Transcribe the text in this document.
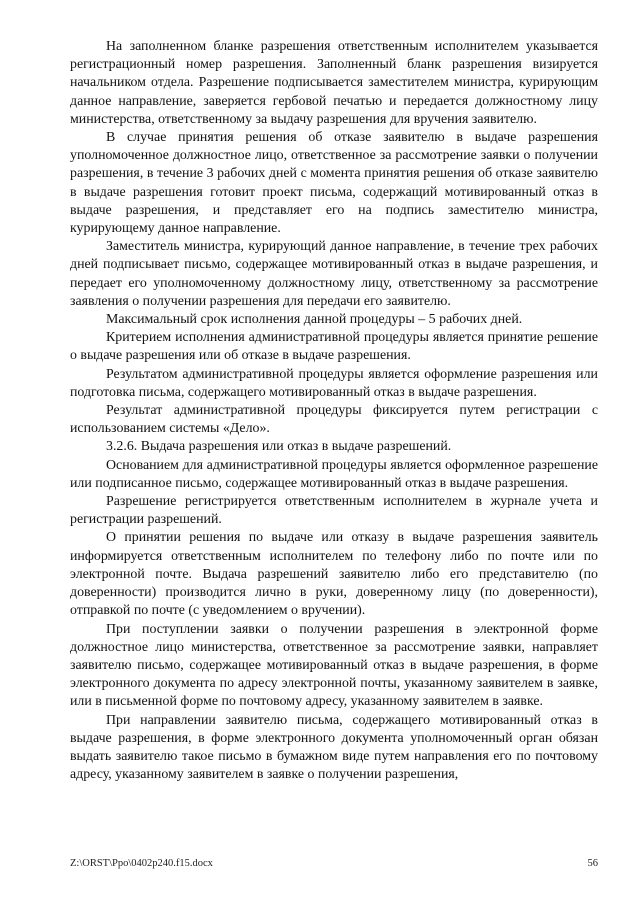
На заполненном бланке разрешения ответственным исполнителем указывается регистрационный номер разрешения. Заполненный бланк разрешения визируется начальником отдела. Разрешение подписывается заместителем министра, курирующим данное направление, заверяется гербовой печатью и передается должностному лицу министерства, ответственному за выдачу разрешения для вручения заявителю.

В случае принятия решения об отказе заявителю в выдаче разрешения уполномоченное должностное лицо, ответственное за рассмотрение заявки о получении разрешения, в течение 3 рабочих дней с момента принятия решения об отказе заявителю в выдаче разрешения готовит проект письма, содержащий мотивированный отказ в выдаче разрешения, и представляет его на подпись заместителю министра, курирующему данное направление.

Заместитель министра, курирующий данное направление, в течение трех рабочих дней подписывает письмо, содержащее мотивированный отказ в выдаче разрешения, и передает его уполномоченному должностному лицу, ответственному за рассмотрение заявления о получении разрешения для передачи его заявителю.

Максимальный срок исполнения данной процедуры – 5 рабочих дней.

Критерием исполнения административной процедуры является принятие решение о выдаче разрешения или об отказе в выдаче разрешения.

Результатом административной процедуры является оформление разрешения или подготовка письма, содержащего мотивированный отказ в выдаче разрешения.

Результат административной процедуры фиксируется путем регистрации с использованием системы «Дело».

3.2.6. Выдача разрешения или отказ в выдаче разрешений.

Основанием для административной процедуры является оформленное разрешение или подписанное письмо, содержащее мотивированный отказ в выдаче разрешения.

Разрешение регистрируется ответственным исполнителем в журнале учета и регистрации разрешений.

О принятии решения по выдаче или отказу в выдаче разрешения заявитель информируется ответственным исполнителем по телефону либо по почте или по электронной почте. Выдача разрешений заявителю либо его представителю (по доверенности) производится лично в руки, доверенному лицу (по доверенности), отправкой по почте (с уведомлением о вручении).

При поступлении заявки о получении разрешения в электронной форме должностное лицо министерства, ответственное за рассмотрение заявки, направляет заявителю письмо, содержащее мотивированный отказ в выдаче разрешения, в форме электронного документа по адресу электронной почты, указанному заявителем в заявке, или в письменной форме по почтовому адресу, указанному заявителем в заявке.

При направлении заявителю письма, содержащего мотивированный отказ в выдаче разрешения, в форме электронного документа уполномоченный орган обязан выдать заявителю такое письмо в бумажном виде путем направления его по почтовому адресу, указанному заявителем в заявке о получении разрешения,

Z:\ORST\Ppo\0402p240.f15.docx	56
